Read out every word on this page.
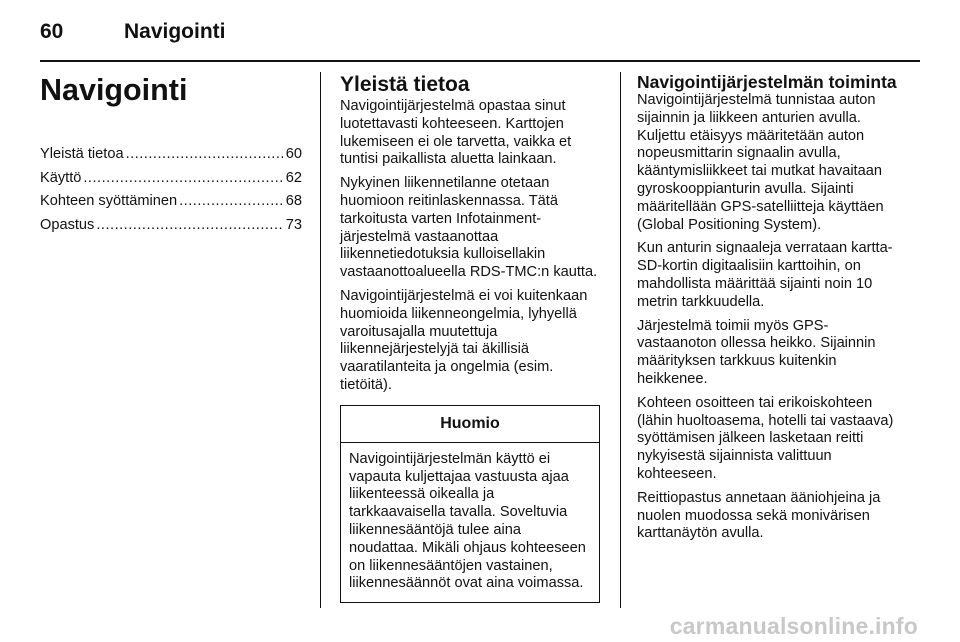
60	Navigointi
Navigointi
Yleistä tietoa .....	60
Käyttö .....	62
Kohteen syöttäminen .....	68
Opastus .....	73
Yleistä tietoa

Navigointijärjestelmä opastaa sinut luotettavasti kohteeseen. Karttojen lukemiseen ei ole tarvetta, vaikka et tuntisi paikallista aluetta lainkaan.

Nykyinen liikennetilanne otetaan huomioon reitinlaskennassa. Tätä tarkoitusta varten Infotainment-järjestelmä vastaanottaa liikennetiedotuksia kulloisellakin vastaanottoalueella RDS-TMC:n kautta.

Navigointijärjestelmä ei voi kuitenkaan huomioida liikenneongelmia, lyhyellä varoitusajalla muutettuja liikennejärjestelyjä tai äkillisiä vaaratilanteita ja ongelmia (esim. tietöitä).

Huomio
Navigointijärjestelmän käyttö ei vapauta kuljettajaa vastuusta ajaa liikenteessä oikealla ja tarkkaavaisella tavalla. Soveltuvia liikennesääntöjä tulee aina noudattaa. Mikäli ohjaus kohteeseen on liikennesääntöjen vastainen, liikennesäännöt ovat aina voimassa.
Navigointijärjestelmän toiminta

Navigointijärjestelmä tunnistaa auton sijainnin ja liikkeen anturien avulla. Kuljettu etäisyys määritetään auton nopeusmittarin signaalin avulla, kääntymisliikkeet tai mutkat havaitaan gyroskooppianturin avulla. Sijainti määritellään GPS-satelliitteja käyttäen (Global Positioning System).

Kun anturin signaaleja verrataan kartta-SD-kortin digitaalisiin karttoihin, on mahdollista määrittää sijainti noin 10 metrin tarkkuudella.

Järjestelmä toimii myös GPS-vastaanoton ollessa heikko. Sijainnin määrityksen tarkkuus kuitenkin heikkenee.

Kohteen osoitteen tai erikoiskohteen (lähin huoltoasema, hotelli tai vastaava) syöttämisen jälkeen lasketaan reitti nykyisestä sijainnista valittuun kohteeseen.

Reittiopastus annetaan ääniohjeina ja nuolen muodossa sekä monivärisen karttanäytön avulla.

carmanualsonline.info
